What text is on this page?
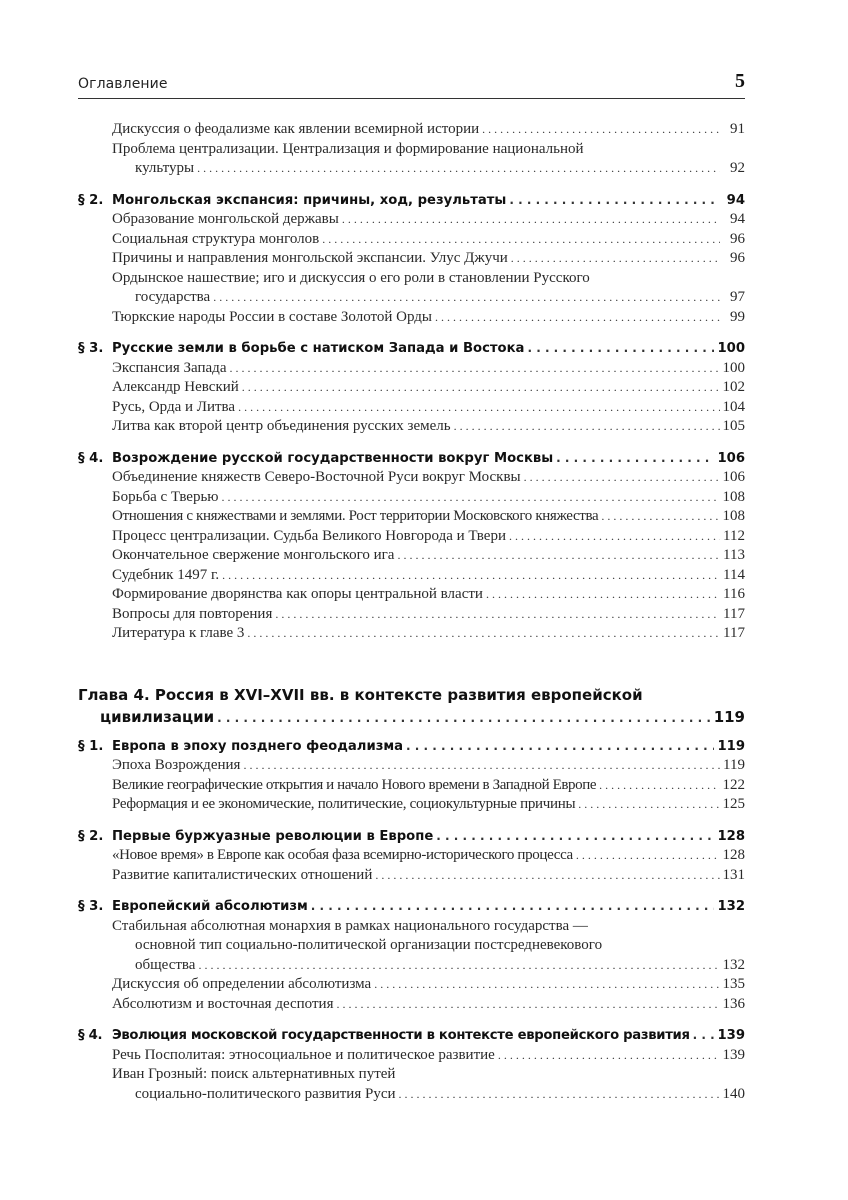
Оглавление	5
Дискуссия о феодализме как явлении всемирной истории . . .	91
Проблема централизации. Централизация и формирование национальной
культуры . . .	92
§ 2. Монгольская экспансия: причины, ход, результаты . . .	94
Образование монгольской державы . . .	94
Социальная структура монголов . . .	96
Причины и направления монгольской экспансии. Улус Джучи . . .	96
Ордынское нашествие; иго и дискуссия о его роли в становлении Русского
государства . . .	97
Тюркские народы России в составе Золотой Орды . . .	99
§ 3. Русские земли в борьбе с натиском Запада и Востока . . .	100
Экспансия Запада . . .	100
Александр Невский . . .	102
Русь, Орда и Литва . . .	104
Литва как второй центр объединения русских земель . . .	105
§ 4. Возрождение русской государственности вокруг Москвы . . .	106
Объединение княжеств Северо-Восточной Руси вокруг Москвы . . .	106
Борьба с Тверью . . .	108
Отношения с княжествами и землями. Рост территории Московского княжества . . .	108
Процесс централизации. Судьба Великого Новгорода и Твери . . .	112
Окончательное свержение монгольского ига . . .	113
Судебник 1497 г. . . .	114
Формирование дворянства как опоры центральной власти . . .	116
Вопросы для повторения . . .	117
Литература к главе 3 . . .	117
Глава 4. Россия в XVI–XVII вв. в контексте развития европейской
цивилизации . . .	119
§ 1. Европа в эпоху позднего феодализма . . .	119
Эпоха Возрождения . . .	119
Великие географические открытия и начало Нового времени в Западной Европе . . .	122
Реформация и ее экономические, политические, социокультурные причины . . .	125
§ 2. Первые буржуазные революции в Европе . . .	128
«Новое время» в Европе как особая фаза всемирно-исторического процесса . . .	128
Развитие капиталистических отношений . . .	131
§ 3. Европейский абсолютизм . . .	132
Стабильная абсолютная монархия в рамках национального государства —
основной тип социально-политической организации постсредневекового
общества . . .	132
Дискуссия об определении абсолютизма . . .	135
Абсолютизм и восточная деспотия . . .	136
§ 4. Эволюция московской государственности в контексте европейского развития . . . 139
Речь Посполитая: этносоциальное и политическое развитие . . .	139
Иван Грозный: поиск альтернативных путей
социально-политического развития Руси . . .	140
